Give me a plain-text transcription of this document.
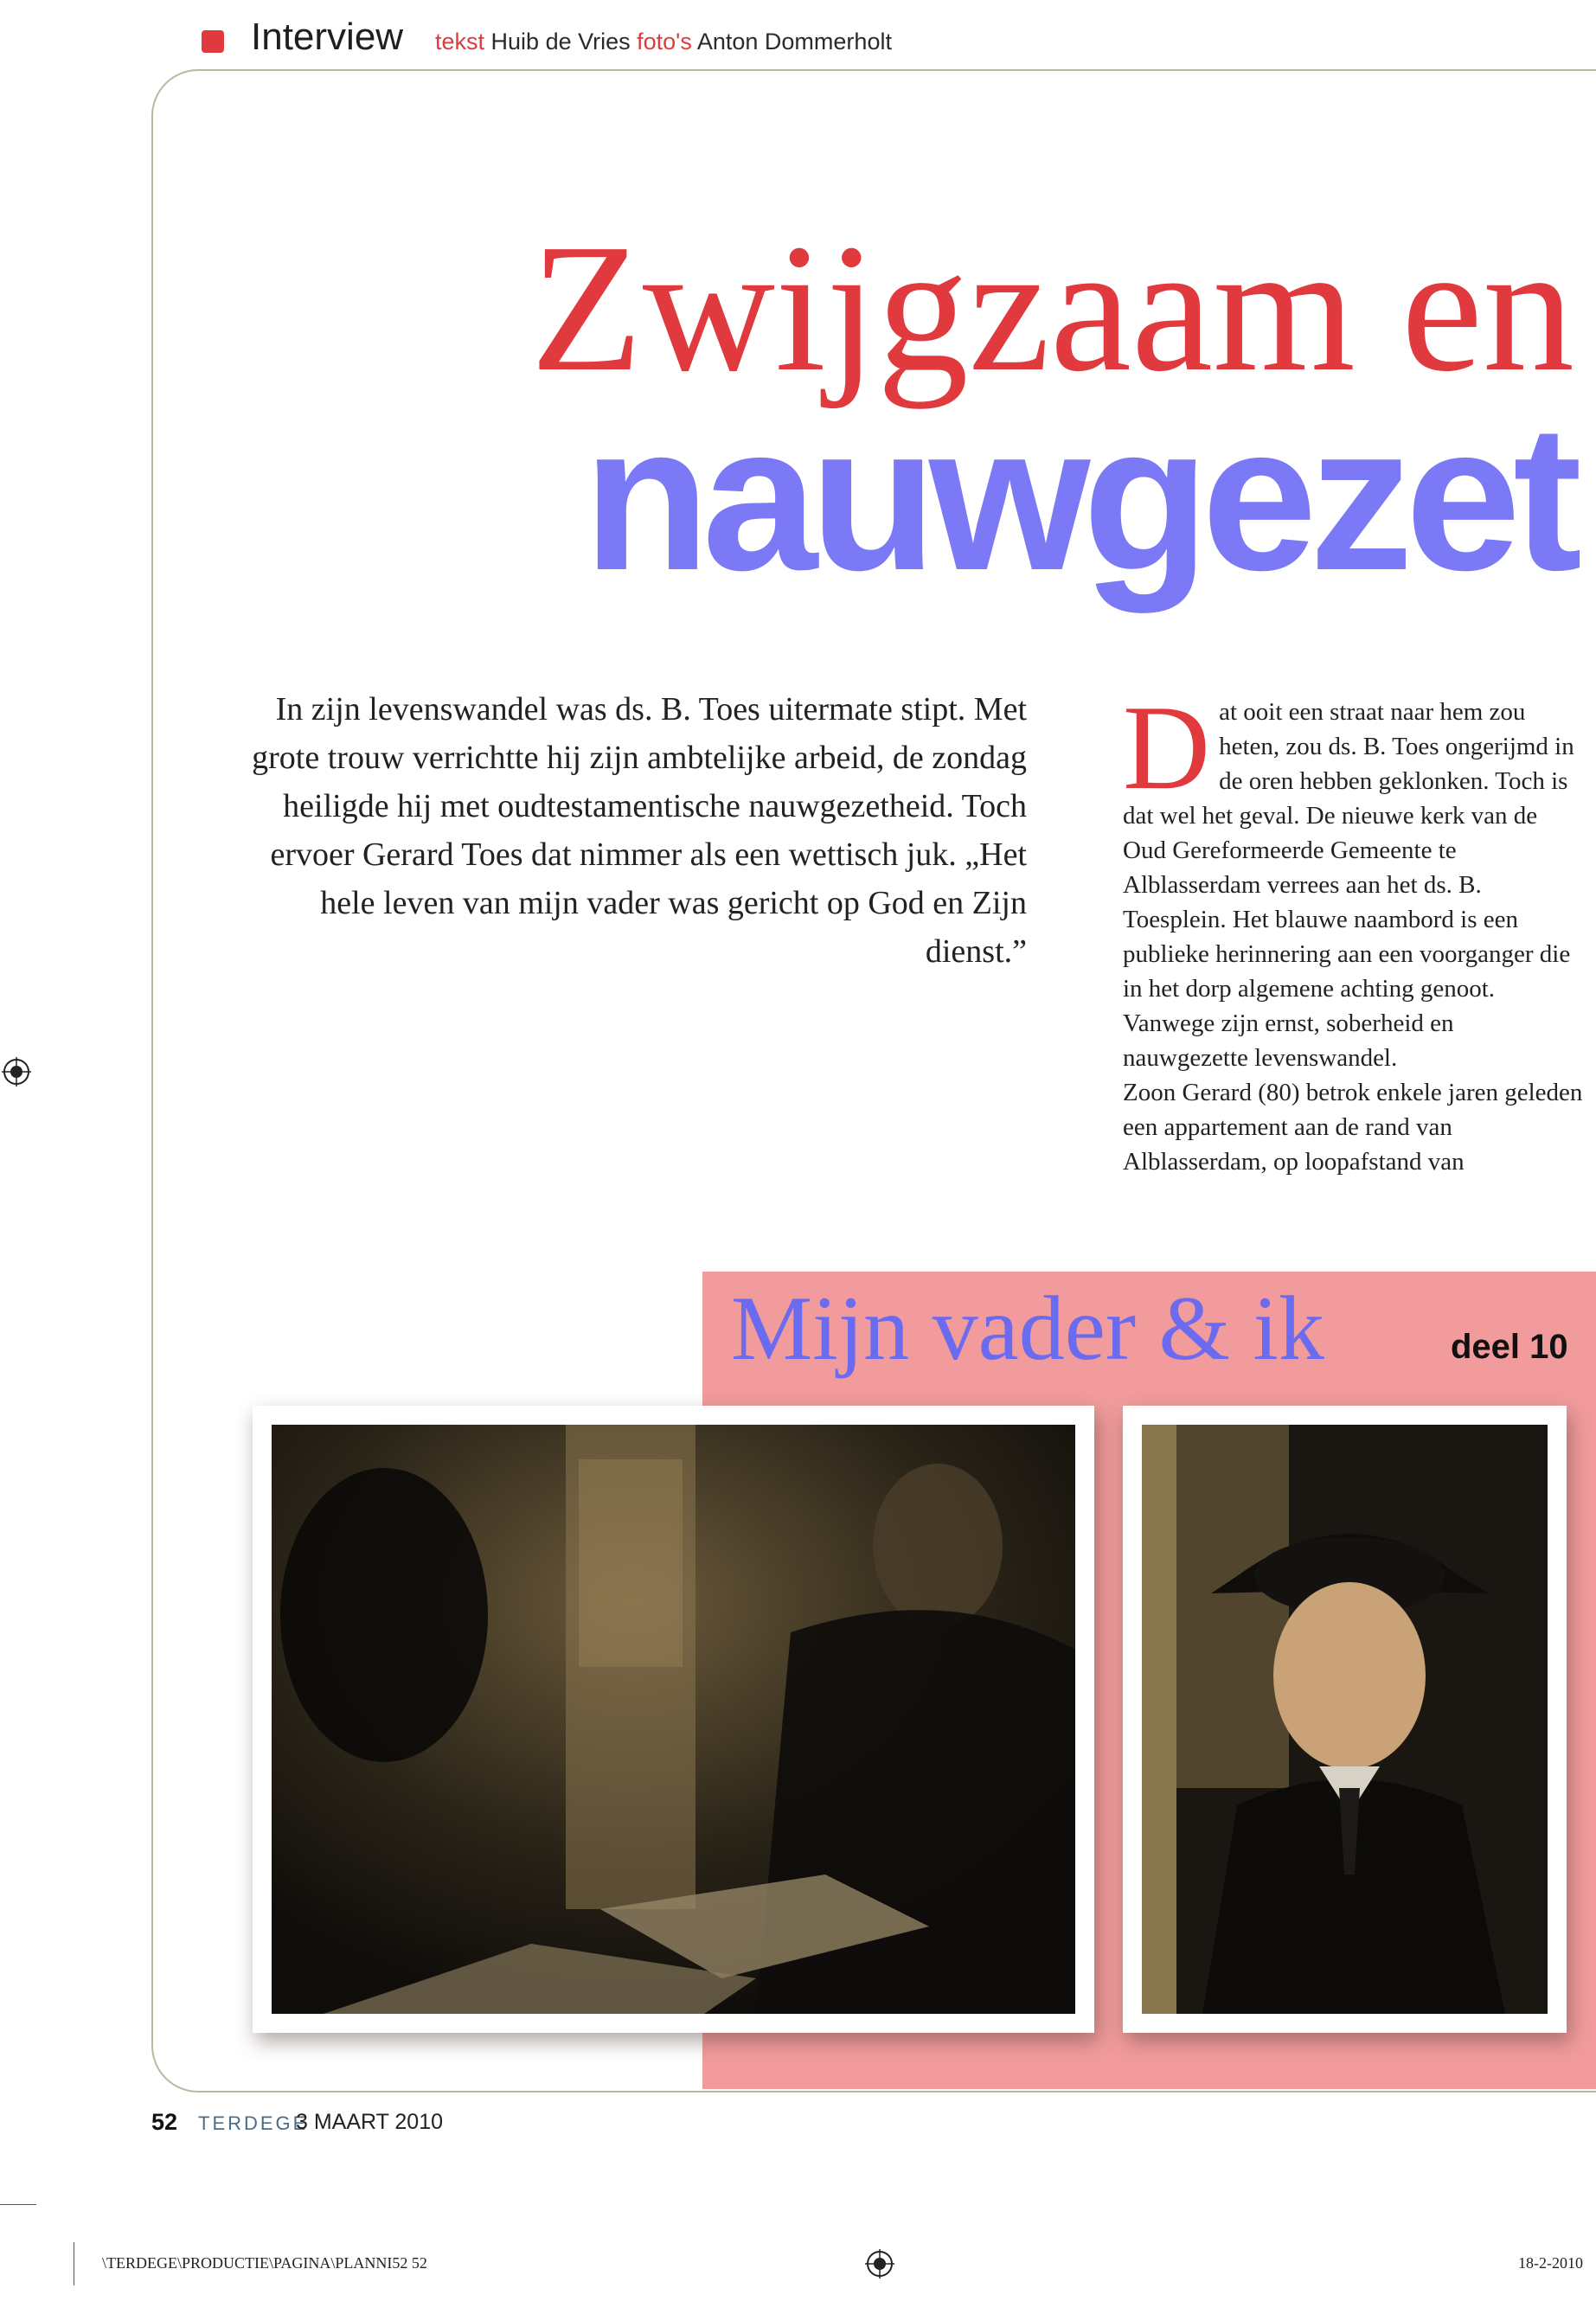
Interview tekst Huib de Vries foto's Anton Dommerholt
Zwijgzaam en
nauwgezet
In zijn levenswandel was ds. B. Toes uitermate stipt. Met grote trouw verrichtte hij zijn ambtelijke arbeid, de zondag heiligde hij met oudtestamentische nauwgezetheid. Toch ervoer Gerard Toes dat nimmer als een wettisch juk. „Het hele leven van mijn vader was gericht op God en Zijn dienst.”
D at ooit een straat naar hem zou heten, zou ds. B. Toes ongerijmd in de oren hebben geklonken. Toch is dat wel het geval. De nieuwe kerk van de Oud Gereformeerde Gemeente te Alblasserdam verrees aan het ds. B. Toesplein. Het blauwe naambord is een publieke herinnering aan een voorganger die in het dorp algemene achting genoot. Vanwege zijn ernst, soberheid en nauwgezette levenswandel.
Zoon Gerard (80) betrok enkele jaren geleden een appartement aan de rand van Alblasserdam, op loopafstand van
Mijn vader & ik	deel 10
52 TERDEGE
3 MAART 2010
\TERDEGE\PRODUCTIE\PAGINA\PLANNI52 52	18-2-2010
